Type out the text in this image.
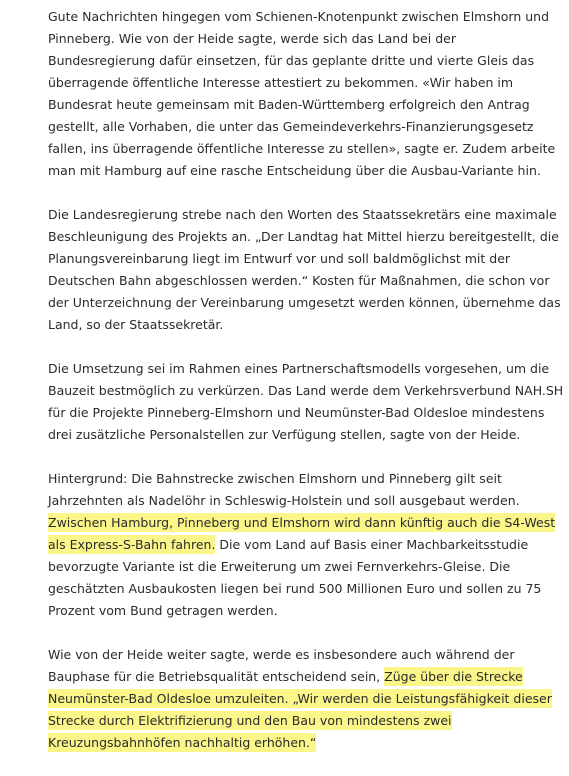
Gute Nachrichten hingegen vom Schienen-Knotenpunkt zwischen Elmshorn und Pinneberg. Wie von der Heide sagte, werde sich das Land bei der Bundesregierung dafür einsetzen, für das geplante dritte und vierte Gleis das überragende öffentliche Interesse attestiert zu bekommen. «Wir haben im Bundesrat heute gemeinsam mit Baden-Württemberg erfolgreich den Antrag gestellt, alle Vorhaben, die unter das Gemeindeverkehrs-Finanzierungsgesetz fallen, ins überragende öffentliche Interesse zu stellen», sagte er. Zudem arbeite man mit Hamburg auf eine rasche Entscheidung über die Ausbau-Variante hin.

Die Landesregierung strebe nach den Worten des Staatssekretärs eine maximale Beschleunigung des Projekts an. „Der Landtag hat Mittel hierzu bereitgestellt, die Planungsvereinbarung liegt im Entwurf vor und soll baldmöglichst mit der Deutschen Bahn abgeschlossen werden.“ Kosten für Maßnahmen, die schon vor der Unterzeichnung der Vereinbarung umgesetzt werden können, übernehme das Land, so der Staatssekretär.

Die Umsetzung sei im Rahmen eines Partnerschaftsmodells vorgesehen, um die Bauzeit bestmöglich zu verkürzen. Das Land werde dem Verkehrsverbund NAH.SH für die Projekte Pinneberg-Elmshorn und Neumünster-Bad Oldesloe mindestens drei zusätzliche Personalstellen zur Verfügung stellen, sagte von der Heide.

Hintergrund: Die Bahnstrecke zwischen Elmshorn und Pinneberg gilt seit Jahrzehnten als Nadelöhr in Schleswig-Holstein und soll ausgebaut werden. Zwischen Hamburg, Pinneberg und Elmshorn wird dann künftig auch die S4-West als Express-S-Bahn fahren. Die vom Land auf Basis einer Machbarkeitsstudie bevorzugte Variante ist die Erweiterung um zwei Fernverkehrs-Gleise. Die geschätzten Ausbaukosten liegen bei rund 500 Millionen Euro und sollen zu 75 Prozent vom Bund getragen werden.

Wie von der Heide weiter sagte, werde es insbesondere auch während der Bauphase für die Betriebsqualität entscheidend sein, Züge über die Strecke Neumünster-Bad Oldesloe umzuleiten. „Wir werden die Leistungsfähigkeit dieser Strecke durch Elektrifizierung und den Bau von mindestens zwei Kreuzungsbahnhöfen nachhaltig erhöhen.“
